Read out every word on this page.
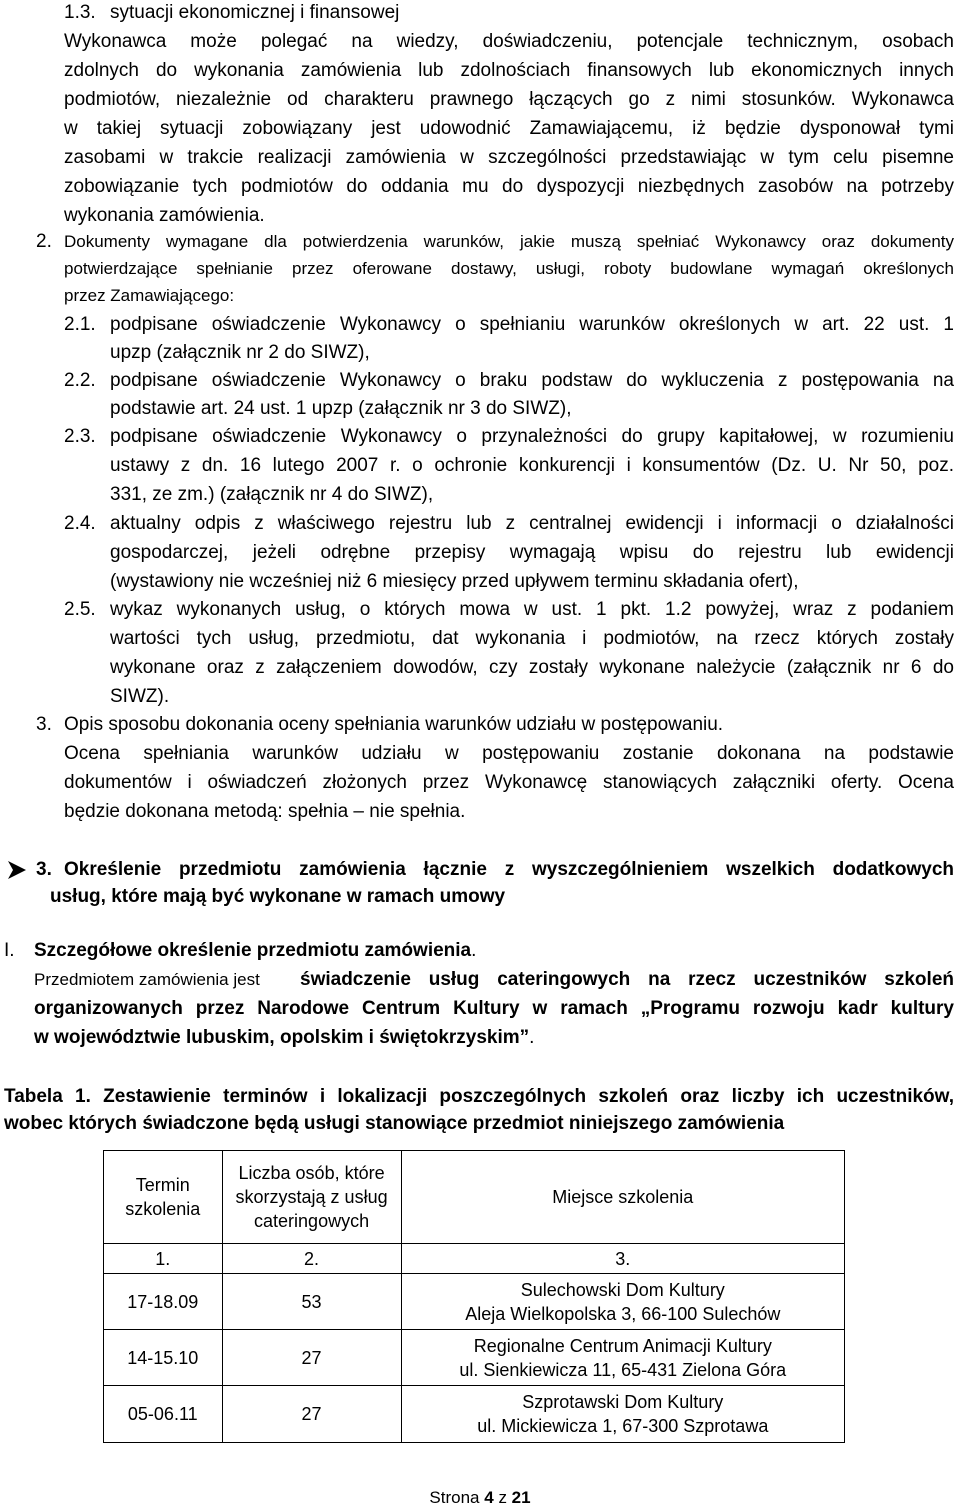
1.3. sytuacji ekonomicznej i finansowej
Wykonawca może polegać na wiedzy, doświadczeniu, potencjale technicznym, osobach
zdolnych do wykonania zamówienia lub zdolnościach finansowych lub ekonomicznych innych
podmiotów, niezależnie od charakteru prawnego łączących go z nimi stosunków. Wykonawca
w takiej sytuacji zobowiązany jest udowodnić Zamawiającemu, iż będzie dysponował tymi
zasobami w trakcie realizacji zamówienia w szczególności przedstawiając w tym celu pisemne
zobowiązanie tych podmiotów do oddania mu do dyspozycji niezbędnych zasobów na potrzeby
wykonania zamówienia.
2. Dokumenty wymagane dla potwierdzenia warunków, jakie muszą spełniać Wykonawcy oraz dokumenty
potwierdzające spełnianie przez oferowane dostawy, usługi, roboty budowlane wymagań określonych
przez Zamawiającego:
2.1. podpisane oświadczenie Wykonawcy o spełnianiu warunków określonych w art. 22 ust. 1
upzp (załącznik nr 2 do SIWZ),
2.2. podpisane oświadczenie Wykonawcy o braku podstaw do wykluczenia z postępowania na
podstawie art. 24 ust. 1 upzp (załącznik nr 3 do SIWZ),
2.3. podpisane oświadczenie Wykonawcy o przynależności do grupy kapitałowej, w rozumieniu
ustawy z dn. 16 lutego 2007 r. o ochronie konkurencji i konsumentów (Dz. U. Nr 50, poz.
331, ze zm.) (załącznik nr 4 do SIWZ),
2.4. aktualny odpis z właściwego rejestru lub z centralnej ewidencji i informacji o działalności
gospodarczej, jeżeli odrębne przepisy wymagają wpisu do rejestru lub ewidencji
(wystawiony nie wcześniej niż 6 miesięcy przed upływem terminu składania ofert),
2.5. wykaz wykonanych usług, o których mowa w ust. 1 pkt. 1.2 powyżej, wraz z podaniem
wartości tych usług, przedmiotu, dat wykonania i podmiotów, na rzecz których zostały
wykonane oraz z załączeniem dowodów, czy zostały wykonane należycie (załącznik nr 6 do
SIWZ).
3. Opis sposobu dokonania oceny spełniania warunków udziału w postępowaniu.
Ocena spełniania warunków udziału w postępowaniu zostanie dokonana na podstawie
dokumentów i oświadczeń złożonych przez Wykonawcę stanowiących załączniki oferty. Ocena
będzie dokonana metodą: spełnia – nie spełnia.
3. Określenie przedmiotu zamówienia łącznie z wyszczególnieniem wszelkich dodatkowych
usług, które mają być wykonane w ramach umowy
I. Szczegółowe określenie przedmiotu zamówienia.
Przedmiotem zamówienia jest świadczenie usług cateringowych na rzecz uczestników szkoleń
organizowanych przez Narodowe Centrum Kultury w ramach „Programu rozwoju kadr kultury
w województwie lubuskim, opolskim i świętokrzyskim”.
Tabela 1. Zestawienie terminów i lokalizacji poszczególnych szkoleń oraz liczby ich uczestników,
wobec których świadczone będą usługi stanowiące przedmiot niniejszego zamówienia
Termin szkolenia	Liczba osób, które skorzystają z usług cateringowych	Miejsce szkolenia
1.	2.	3.
17-18.09	53	Sulechowski Dom Kultury
Aleja Wielkopolska 3, 66-100 Sulechów

14-15.10	27	Regionalne Centrum Animacji Kultury
ul. Sienkiewicza 11, 65-431 Zielona Góra

05-06.11	27	Szprotawski Dom Kultury
ul. Mickiewicza 1, 67-300 Szprotawa
Strona 4 z 21
